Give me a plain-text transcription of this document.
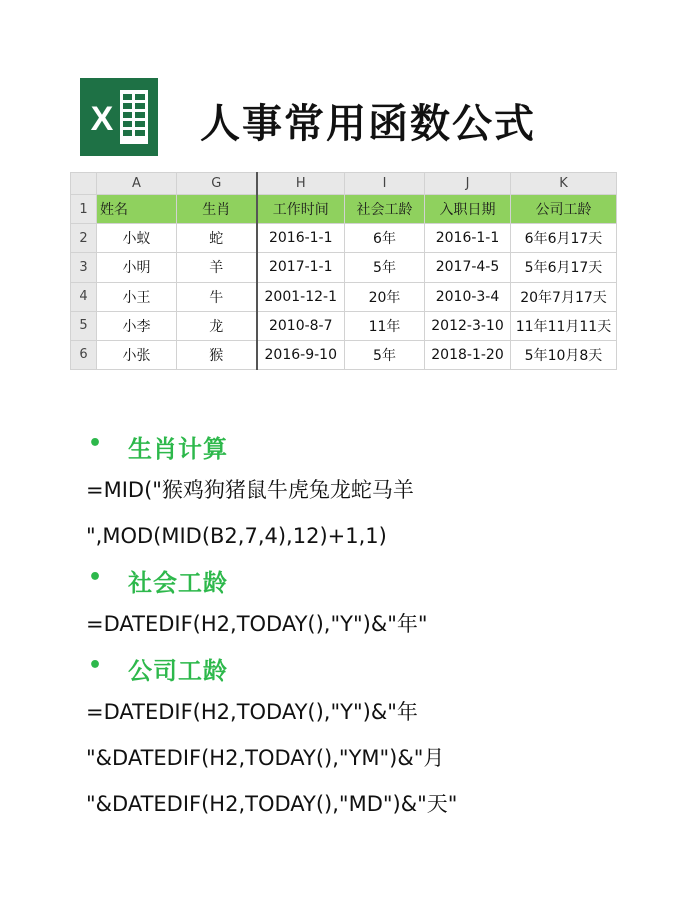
X 人事常用函数公式
	A	G	H	I	J	K
1	姓名	生肖	工作时间	社会工龄	入职日期	公司工龄
2	小蚁	蛇	2016-1-1	6年	2016-1-1	6年6月17天
3	小明	羊	2017-1-1	5年	2017-4-5	5年6月17天
4	小王	牛	2001-12-1	20年	2010-3-4	20年7月17天
5	小李	龙	2010-8-7	11年	2012-3-10	11年11月11天
6	小张	猴	2016-9-10	5年	2018-1-20	5年10月8天
• 生肖计算
=MID("猴鸡狗猪鼠牛虎兔龙蛇马羊
",MOD(MID(B2,7,4),12)+1,1)
• 社会工龄
=DATEDIF(H2,TODAY(),"Y")&"年"
• 公司工龄
=DATEDIF(H2,TODAY(),"Y")&"年
"&DATEDIF(H2,TODAY(),"YM")&"月
"&DATEDIF(H2,TODAY(),"MD")&"天"
